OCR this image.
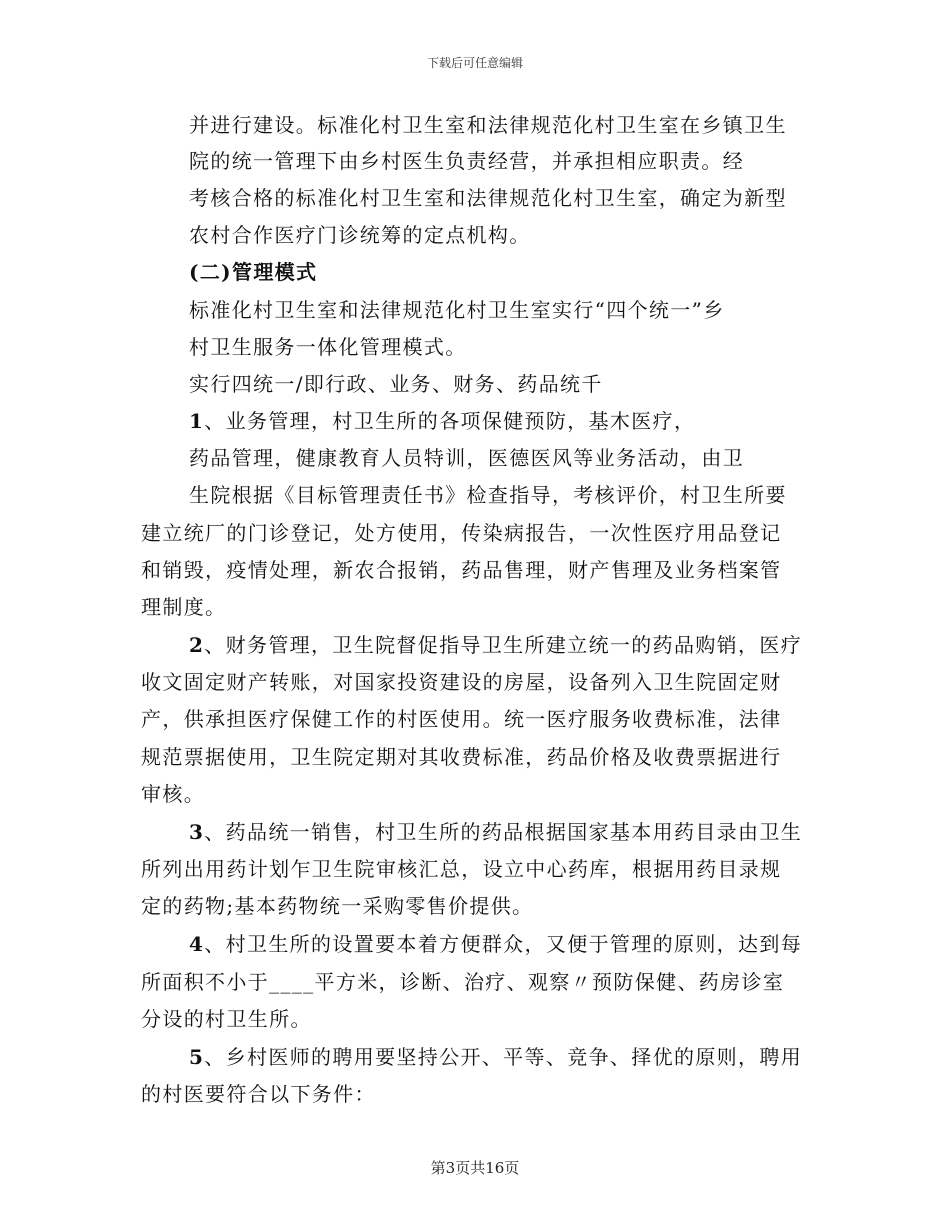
下载后可任意编辑
并进行建设。标准化村卫生室和法律规范化村卫生室在乡镇卫生
院的统一管理下由乡村医生负责经营，并承担相应职责。经
考核合格的标准化村卫生室和法律规范化村卫生室，确定为新型
农村合作医疗门诊统筹的定点机构。
(二)管理模式
标准化村卫生室和法律规范化村卫生室实行“四个统一”乡
村卫生服务一体化管理模式。
实行四统一/即行政、业务、财务、药品统千
1、业务管理，村卫生所的各项保健预防，基木医疗，
药品管理，健康教育人员特训，医德医风等业务活动，由卫
生院根据《目标管理责任书》检查指导，考核评价，村卫生所要
建立统厂的门诊登记，处方使用，传染病报告，一次性医疗用品登记
和销毁，疫情处理，新农合报销，药品售理，财产售理及业务档案管
理制度。
2、财务管理，卫生院督促指导卫生所建立统一的药品购销，医疗
收文固定财产转账，对国家投资建设的房屋，设备列入卫生院固定财
产，供承担医疗保健工作的村医使用。统一医疗服务收费标准，法律
规范票据使用，卫生院定期对其收费标准，药品价格及收费票据进行
审核。
3、药品统一销售，村卫生所的药品根据国家基本用药目录由卫生
所列出用药计划乍卫生院审核汇总，设立中心药库，根据用药目录规
定的药物;基本药物统一采购零售价提供。
4、村卫生所的设置要本着方便群众，又便于管理的原则，达到每
所面积不小于____平方米，诊断、治疗、观察〃预防保健、药房诊室
分设的村卫生所。
5、乡村医师的聘用要坚持公开、平等、竞争、择优的原则，聘用
的村医要符合以下务件：
第3页共16页
